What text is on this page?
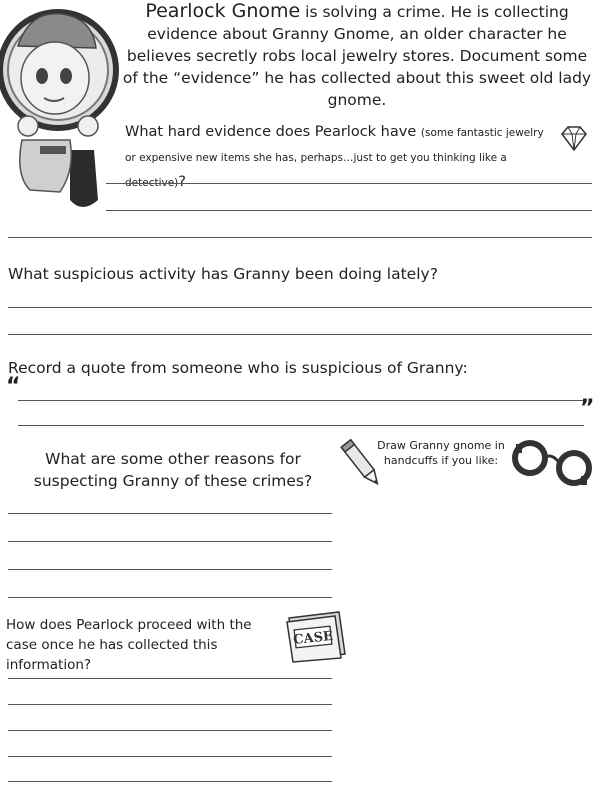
Pearlock Gnome is solving a crime. He is collecting evidence about Granny Gnome, an older character he believes secretly robs local jewelry stores. Document some of the “evidence” he has collected about this sweet old lady gnome.
What hard evidence does Pearlock have (some fantastic jewelry or expensive new items she has, perhaps…just to get you thinking like a detective)?
What suspicious activity has Granny been doing lately?
Record a quote from someone who is suspicious of Granny:
“
”
What are some other reasons for suspecting Granny of these crimes?
Draw Granny gnome in handcuffs if you like:
How does Pearlock proceed with the case once he has collected this information?
CASE
